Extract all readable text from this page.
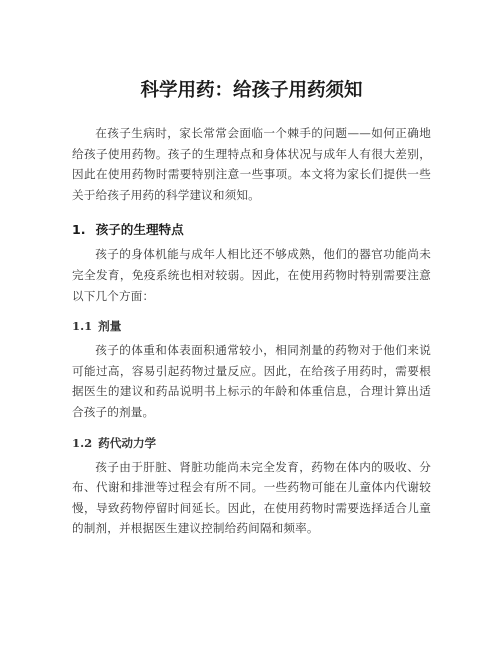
科学用药：给孩子用药须知

在孩子生病时，家长常常会面临一个棘手的问题——如何正确地给孩子使用药物。孩子的生理特点和身体状况与成年人有很大差别，因此在使用药物时需要特别注意一些事项。本文将为家长们提供一些关于给孩子用药的科学建议和须知。

1. 孩子的生理特点

孩子的身体机能与成年人相比还不够成熟，他们的器官功能尚未完全发育，免疫系统也相对较弱。因此，在使用药物时特别需要注意以下几个方面：

1.1 剂量

孩子的体重和体表面积通常较小，相同剂量的药物对于他们来说可能过高，容易引起药物过量反应。因此，在给孩子用药时，需要根据医生的建议和药品说明书上标示的年龄和体重信息，合理计算出适合孩子的剂量。

1.2 药代动力学

孩子由于肝脏、肾脏功能尚未完全发育，药物在体内的吸收、分布、代谢和排泄等过程会有所不同。一些药物可能在儿童体内代谢较慢，导致药物停留时间延长。因此，在使用药物时需要选择适合儿童的制剂，并根据医生建议控制给药间隔和频率。
